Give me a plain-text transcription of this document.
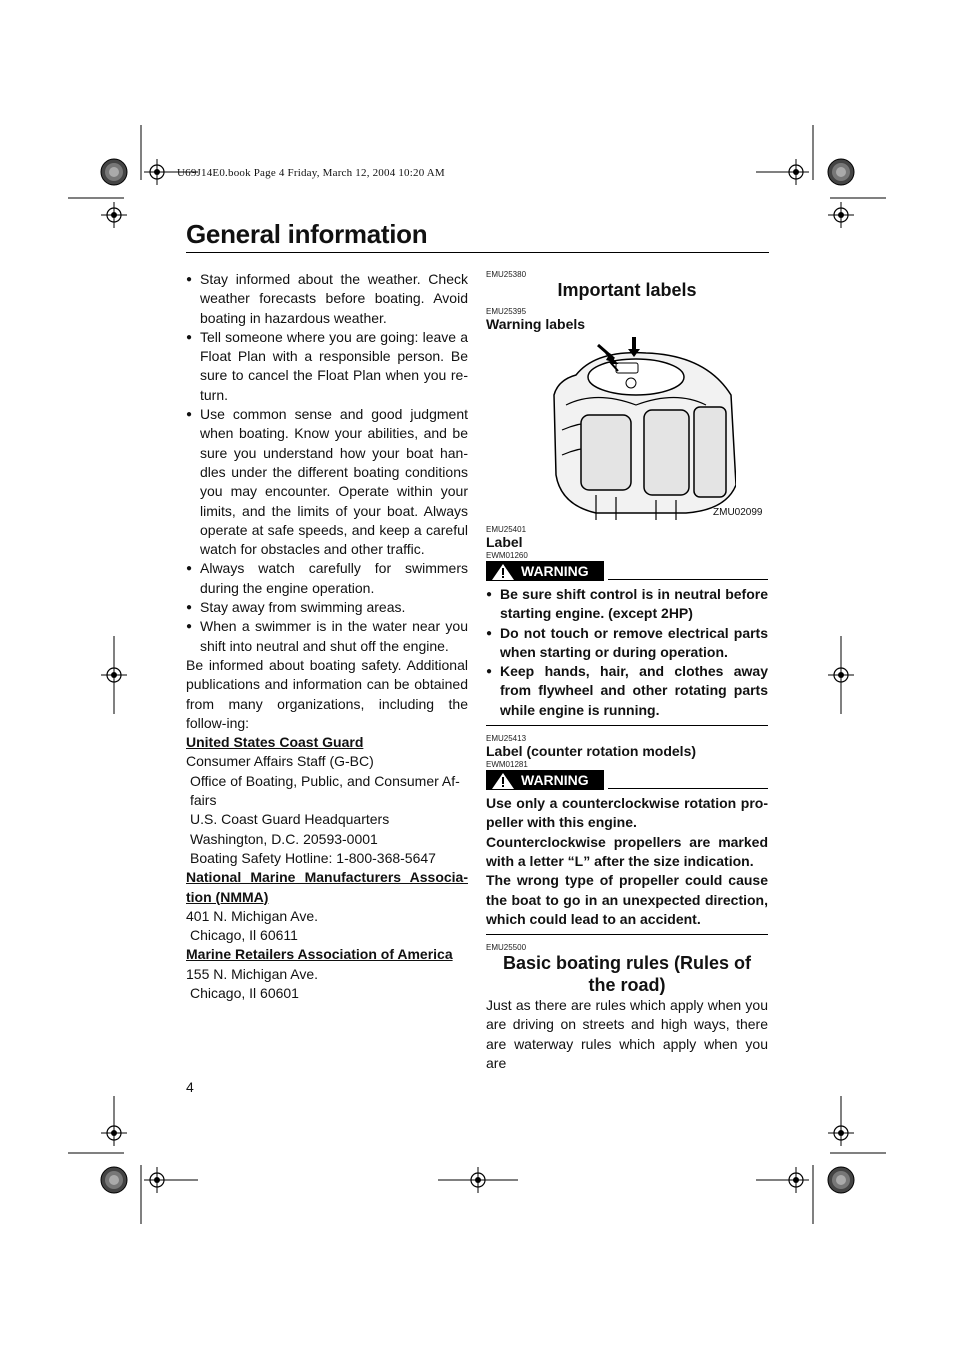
U69J14E0.book Page 4 Friday, March 12, 2004 10:20 AM
General information
● Stay informed about the weather. Check weather forecasts before boating. Avoid boating in hazardous weather.
● Tell someone where you are going: leave a Float Plan with a responsible person. Be sure to cancel the Float Plan when you re-turn.
● Use common sense and good judgment when boating. Know your abilities, and be sure you understand how your boat han-dles under the different boating conditions you may encounter. Operate within your limits, and the limits of your boat. Always operate at safe speeds, and keep a careful watch for obstacles and other traffic.
● Always watch carefully for swimmers during the engine operation.
● Stay away from swimming areas.
● When a swimmer is in the water near you shift into neutral and shut off the engine.

Be informed about boating safety. Additional publications and information can be obtained from many organizations, including the follow-ing:

United States Coast Guard
Consumer Affairs Staff (G-BC)
Office of Boating, Public, and Consumer Af-fairs
U.S. Coast Guard Headquarters
Washington, D.C. 20593-0001
Boating Safety Hotline: 1-800-368-5647
National Marine Manufacturers Associa-tion (NMMA)
401 N. Michigan Ave.
Chicago, Il 60611
Marine Retailers Association of America
155 N. Michigan Ave.
Chicago, Il 60601
EMU25380
Important labels
EMU25395
Warning labels
ZMU02099
EMU25401
Label
EWM01260
WARNING
● Be sure shift control is in neutral before starting engine. (except 2HP)
● Do not touch or remove electrical parts when starting or during operation.
● Keep hands, hair, and clothes away from flywheel and other rotating parts while engine is running.
EMU25413
Label (counter rotation models)
EWM01281
WARNING

Use only a counterclockwise rotation pro-peller with this engine.

Counterclockwise propellers are marked with a letter “L” after the size indication.

The wrong type of propeller could cause the boat to go in an unexpected direction, which could lead to an accident.

EMU25500
Basic boating rules (Rules of the road)

Just as there are rules which apply when you are driving on streets and high ways, there are waterway rules which apply when you are

4
